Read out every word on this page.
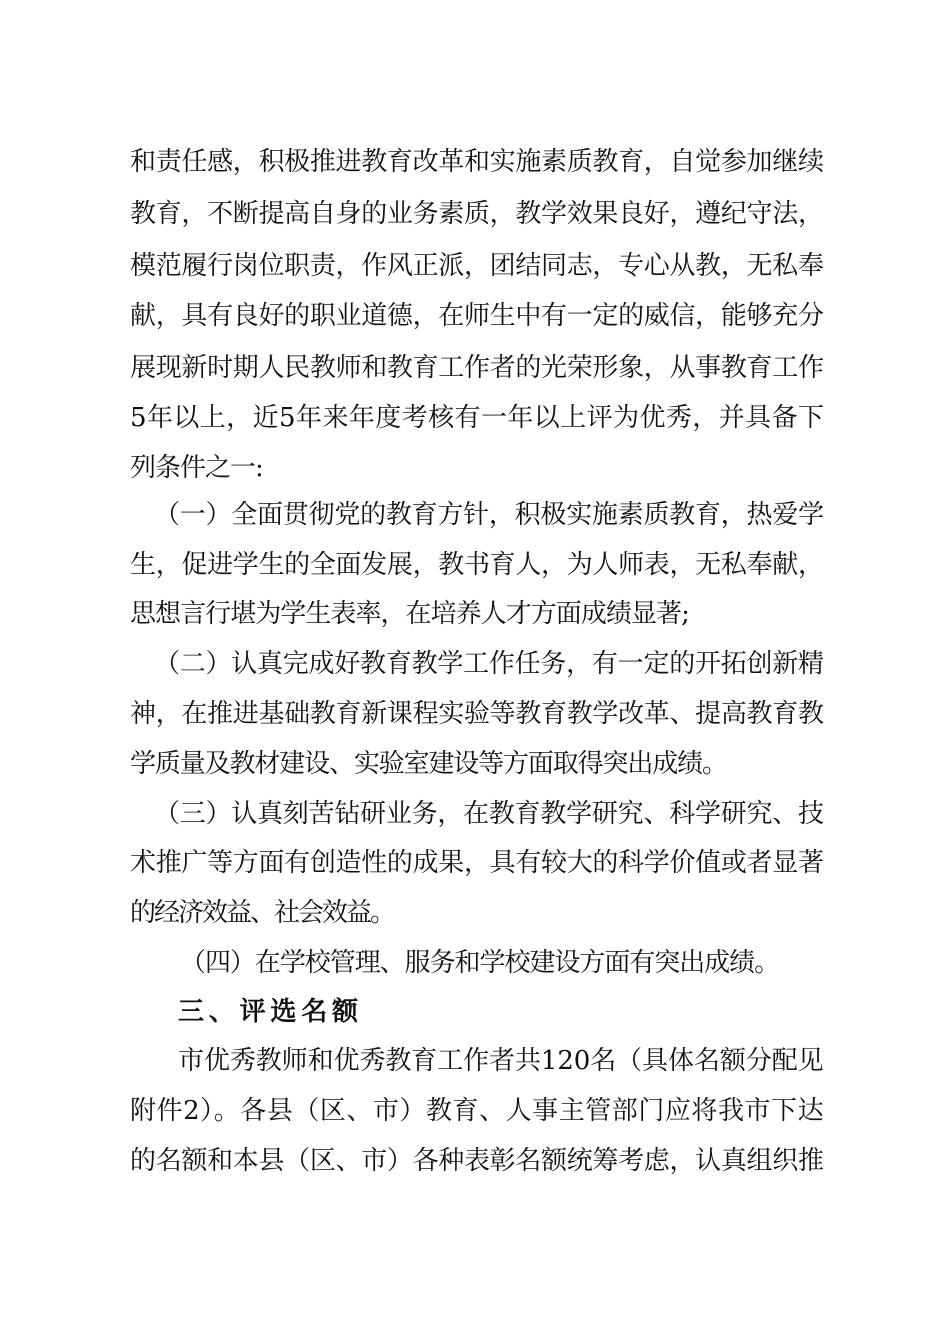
和责任感，积极推进教育改革和实施素质教育，自觉参加继续

教育，不断提高自身的业务素质，教学效果良好，遵纪守法，

模范履行岗位职责，作风正派，团结同志，专心从教，无私奉

献，具有良好的职业道德，在师生中有一定的威信，能够充分

展现新时期人民教师和教育工作者的光荣形象，从事教育工作

5年以上，近5年来年度考核有一年以上评为优秀，并具备下

列条件之一:

（一）全面贯彻党的教育方针，积极实施素质教育，热爱学

生，促进学生的全面发展，教书育人，为人师表，无私奉献，

思想言行堪为学生表率，在培养人才方面成绩显著;

（二）认真完成好教育教学工作任务，有一定的开拓创新精

神，在推进基础教育新课程实验等教育教学改革、提高教育教

学质量及教材建设、实验室建设等方面取得突出成绩。

（三）认真刻苦钻研业务，在教育教学研究、科学研究、技

术推广等方面有创造性的成果，具有较大的科学价值或者显著

的经济效益、社会效益。

（四）在学校管理、服务和学校建设方面有突出成绩。

三、评选名额

市优秀教师和优秀教育工作者共120名（具体名额分配见

附件2）。各县（区、市）教育、人事主管部门应将我市下达

的名额和本县（区、市）各种表彰名额统筹考虑，认真组织推
